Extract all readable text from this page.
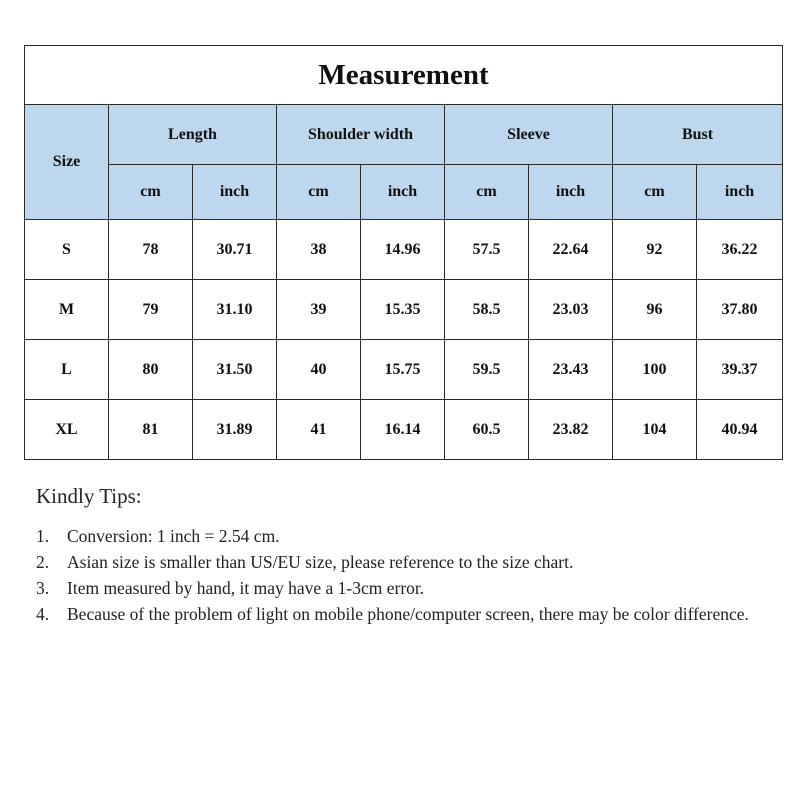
Measurement								
Size	Length		Shoulder width		Sleeve		Bust	
	cm	inch	cm	inch	cm	inch	cm	inch
S	78	30.71	38	14.96	57.5	22.64	92	36.22
M	79	31.10	39	15.35	58.5	23.03	96	37.80
L	80	31.50	40	15.75	59.5	23.43	100	39.37
XL	81	31.89	41	16.14	60.5	23.82	104	40.94
Kindly Tips:
1.	Conversion: 1 inch = 2.54 cm.
2.	Asian size is smaller than US/EU size, please reference to the size chart.
3.	Item measured by hand, it may have a 1-3cm error.
4.	Because of the problem of light on mobile phone/computer screen, there may be color difference.
